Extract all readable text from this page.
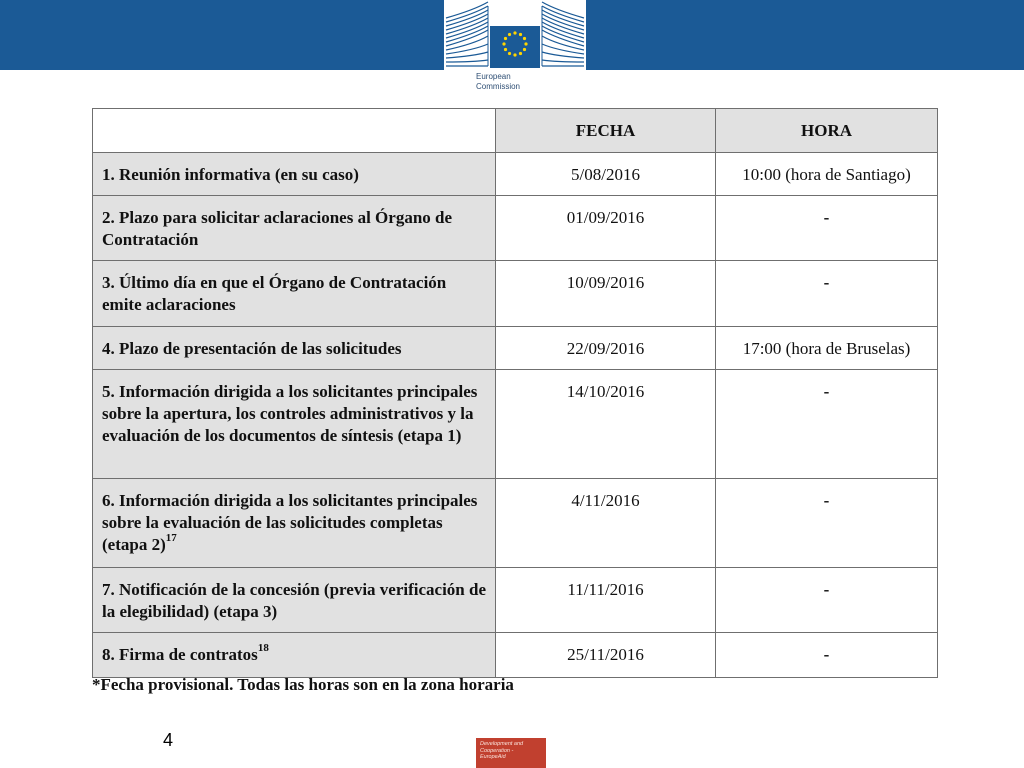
European
Commission
	FECHA	HORA
1. Reunión informativa (en su caso)	5/08/2016	10:00 (hora de Santiago)
2. Plazo para solicitar aclaraciones al Órgano de Contratación	01/09/2016	-
3. Último día en que el Órgano de Contratación emite aclaraciones	10/09/2016	-
4. Plazo de presentación de las solicitudes	22/09/2016	17:00 (hora de Bruselas)
5. Información dirigida a los solicitantes principales sobre la apertura, los controles administrativos y la evaluación de los documentos de síntesis (etapa 1)	14/10/2016	-
6. Información dirigida a los solicitantes principales sobre la evaluación de las solicitudes completas (etapa 2)$^{17}$	4/11/2016	-
7. Notificación de la concesión (previa verificación de la elegibilidad) (etapa 3)	11/11/2016	-
8. Firma de contratos$^{18}$	25/11/2016	-
*Fecha provisional. Todas las horas son en la zona horaria
4	Development and
Cooperation -
EuropeAid
